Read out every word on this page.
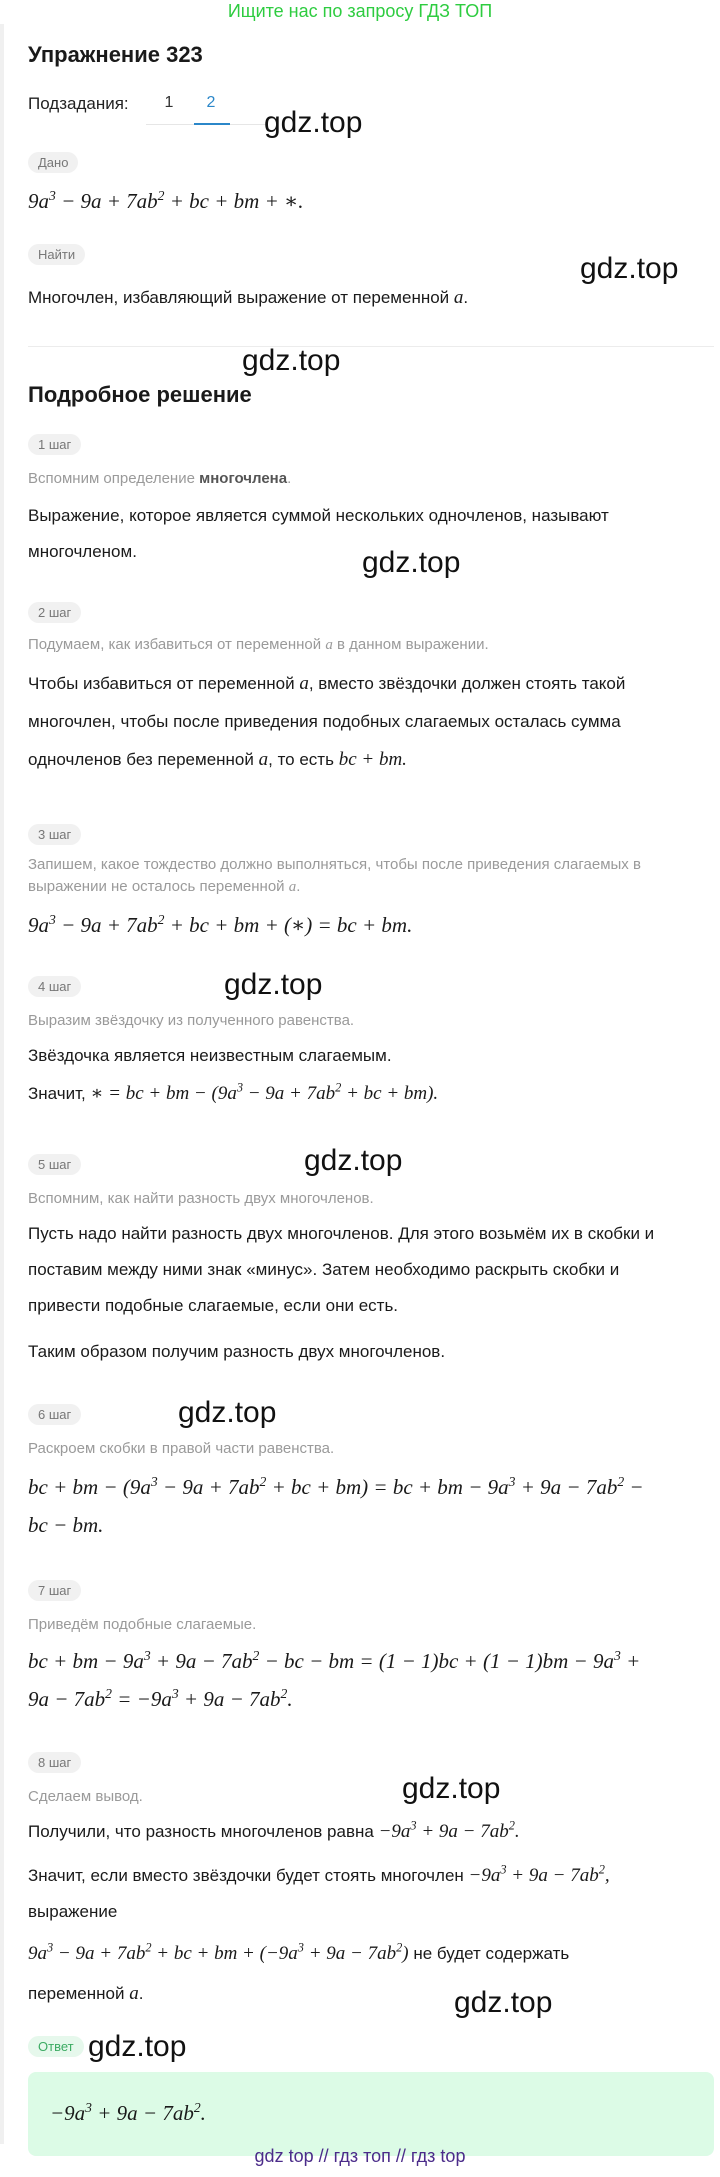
Ищите нас по запросу ГДЗ ТОП
Упражнение 323
Подзадания:	1	2
gdz.top
Дано
$9a^3 - 9a + 7ab^2$ + bc + bm + ∗.
Найти	gdz.top
Многочлен, избавляющий выражение от переменной a.
gdz.top
Подробное решение
1 шаг
Вспомним определение многочлена.
Выражение, которое является суммой нескольких одночленов, называют
многочленом.	gdz.top
2 шаг
Подумаем, как избавиться от переменной a в данном выражении.
Чтобы избавиться от переменной a, вместо звёздочки должен стоять такой
многочлен, чтобы после приведения подобных слагаемых осталась сумма
одночленов без переменной a, то есть bc + bm.
3 шаг
Запишем, какое тождество должно выполняться, чтобы после приведения слагаемых в
выражении не осталось переменной a.
$9a^3 - 9a + 7ab^2$ + bc + bm + (∗) = bc + bm.
4 шаг	gdz.top
Выразим звёздочку из полученного равенства.
Звёздочка является неизвестным слагаемым.
Значит, ∗ = bc + bm − ($9a^3 - 9a + 7ab^2$ + bc + bm).
gdz.top
5 шаг
Вспомним, как найти разность двух многочленов.
Пусть надо найти разность двух многочленов. Для этого возьмём их в скобки и
поставим между ними знак «минус». Затем необходимо раскрыть скобки и
привести подобные слагаемые, если они есть.
Таким образом получим разность двух многочленов.
gdz.top
6 шаг
Раскроем скобки в правой части равенства.
bc + bm − ($9a^3 - 9a + 7ab^2$ + bc + bm) = bc + bm − $9a^3 + 9a - 7ab^2$ −
bc − bm.
7 шаг
Приведём подобные слагаемые.
bc + bm − $9a^3 + 9a - 7ab^2$ − bc − bm = $(1 - 1)bc + (1 - 1)bm - 9a^3$ +
$9a - 7ab^2 = -9a^3 + 9a - 7ab^2$.
8 шаг
gdz.top
Сделаем вывод.
Получили, что разность многочленов равна $-9a^3 + 9a - 7ab^2$.
Значит, если вместо звёздочки будет стоять многочлен $-9a^3 + 9a - 7ab^2$,
выражение
$9a^3 - 9a + 7ab^2$ + bc + bm + $(-9a^3 + 9a - 7ab^2)$ не будет содержать
переменной a.	gdz.top
Ответ gdz.top
$-9a^3 + 9a - 7ab^2$.
gdz top // гдз топ // гдз top
